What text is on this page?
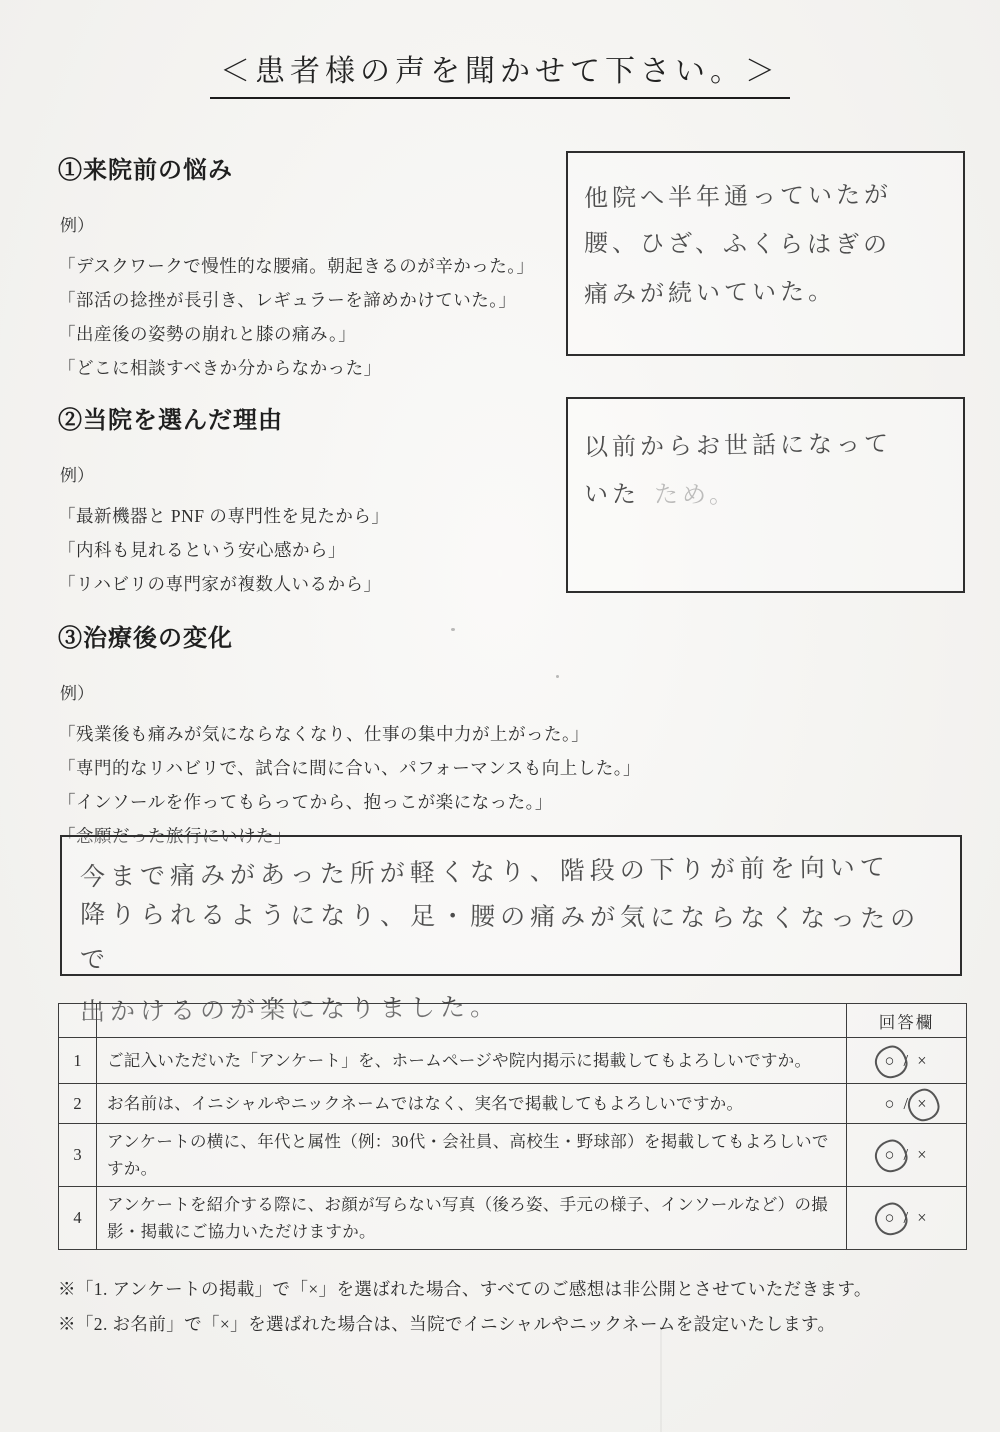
＜患者様の声を聞かせて下さい。＞
①来院前の悩み
例）
「デスクワークで慢性的な腰痛。朝起きるのが辛かった。」
「部活の捻挫が長引き、レギュラーを諦めかけていた。」
「出産後の姿勢の崩れと膝の痛み。」
「どこに相談すべきか分からなかった」
他院へ半年通っていたが
腰、ひざ、ふくらはぎの
痛みが続いていた。
②当院を選んだ理由
例）
「最新機器と PNF の専門性を見たから」
「内科も見れるという安心感から」
「リハビリの専門家が複数人いるから」
以前からお世話になって
いた ため。
③治療後の変化
例）
「残業後も痛みが気にならなくなり、仕事の集中力が上がった。」
「専門的なリハビリで、試合に間に合い、パフォーマンスも向上した。」
「インソールを作ってもらってから、抱っこが楽になった。」
「念願だった旅行にいけた」
今まで痛みがあった所が軽くなり、階段の下りが前を向いて
降りられるようになり、足・腰の痛みが気にならなくなったので
出かけるのが楽になりました。
			回答欄
1	ご記入いただいた「アンケート」を、ホームページや院内掲示に掲載してもよろしいですか。	○ / ×
2	お名前は、イニシャルやニックネームではなく、実名で掲載してもよろしいですか。	○ / ×
3	アンケートの横に、年代と属性（例：30代・会社員、高校生・野球部）を掲載してもよろしいですか。	○ / ×
4	アンケートを紹介する際に、お顔が写らない写真（後ろ姿、手元の様子、インソールなど）の撮影・掲載にご協力いただけますか。	○ / ×
※「1. アンケートの掲載」で「×」を選ばれた場合、すべてのご感想は非公開とさせていただきます。
※「2. お名前」で「×」を選ばれた場合は、当院でイニシャルやニックネームを設定いたします。
